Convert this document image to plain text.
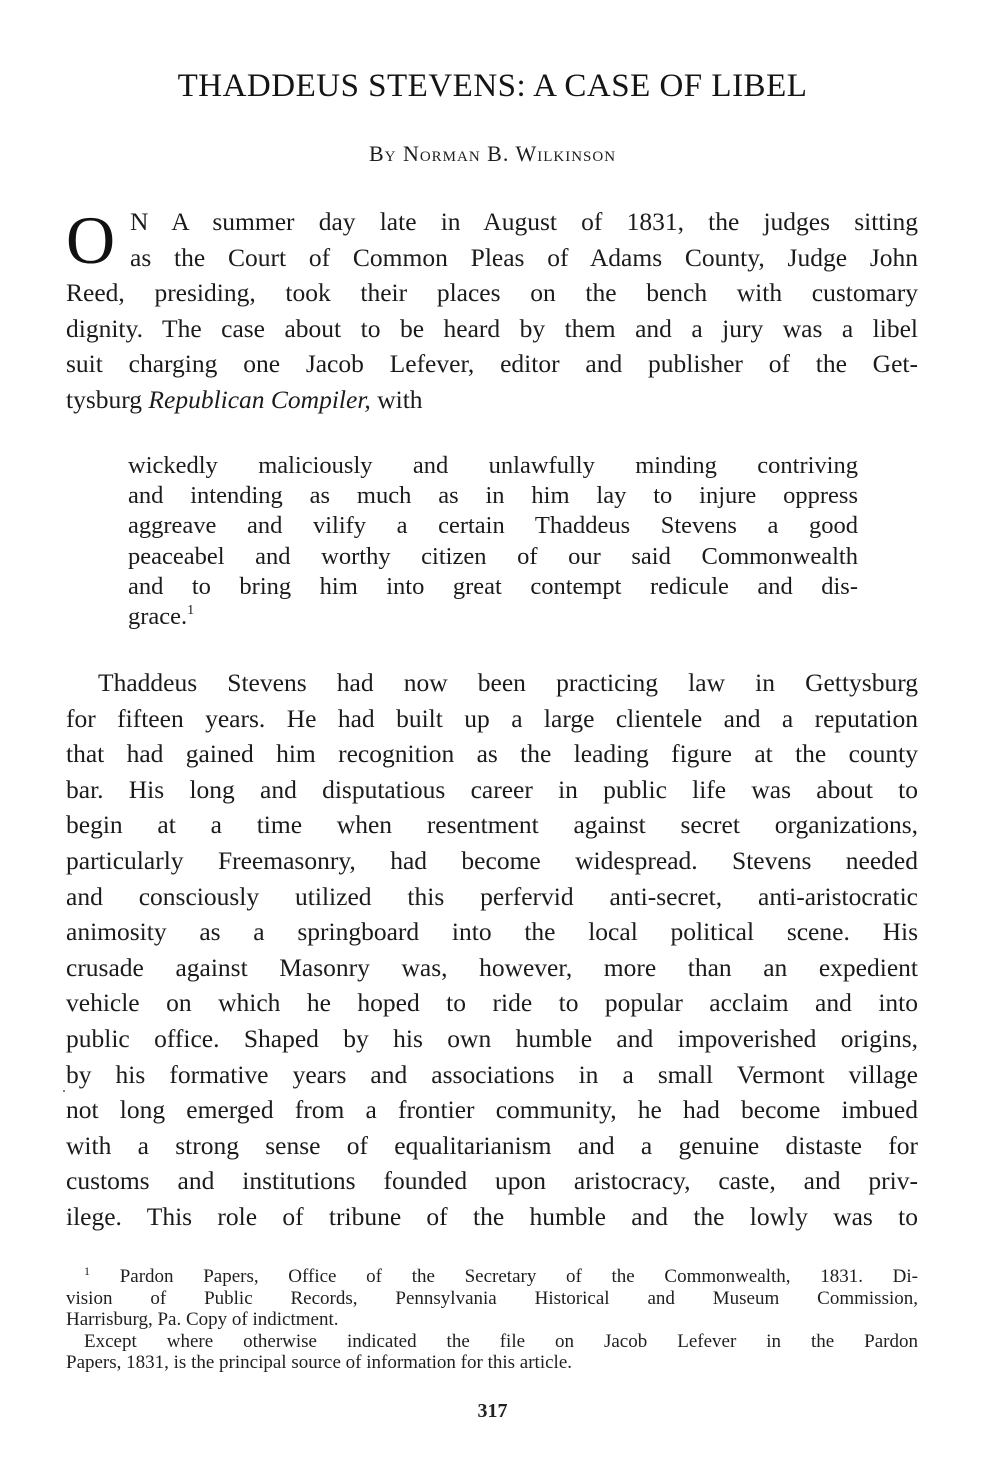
THADDEUS STEVENS: A CASE OF LIBEL
By Norman B. Wilkinson
O N A summer day late in August of 1831, the judges sitting
as the Court of Common Pleas of Adams County, Judge John
Reed, presiding, took their places on the bench with customary
dignity. The case about to be heard by them and a jury was a libel
suit charging one Jacob Lefever, editor and publisher of the Get-
tysburg Republican Compiler, with
wickedly maliciously and unlawfully minding contriving
and intending as much as in him lay to injure oppress
aggreave and vilify a certain Thaddeus Stevens a good
peaceabel and worthy citizen of our said Commonwealth
and to bring him into great contempt redicule and dis-
grace.$^1$
Thaddeus Stevens had now been practicing law in Gettysburg
for fifteen years. He had built up a large clientele and a reputation
that had gained him recognition as the leading figure at the county
bar. His long and disputatious career in public life was about to
begin at a time when resentment against secret organizations,
particularly Freemasonry, had become widespread. Stevens needed
and consciously utilized this perfervid anti-secret, anti-aristocratic
animosity as a springboard into the local political scene. His
crusade against Masonry was, however, more than an expedient
vehicle on which he hoped to ride to popular acclaim and into
public office. Shaped by his own humble and impoverished origins,
by his formative years and associations in a small Vermont village
not long emerged from a frontier community, he had become imbued
with a strong sense of equalitarianism and a genuine distaste for
customs and institutions founded upon aristocracy, caste, and priv-
ilege. This role of tribune of the humble and the lowly was to
$^1$ Pardon Papers, Office of the Secretary of the Commonwealth, 1831. Di-
vision of Public Records, Pennsylvania Historical and Museum Commission,
Harrisburg, Pa. Copy of indictment.
Except where otherwise indicated the file on Jacob Lefever in the Pardon
Papers, 1831, is the principal source of information for this article.
317
